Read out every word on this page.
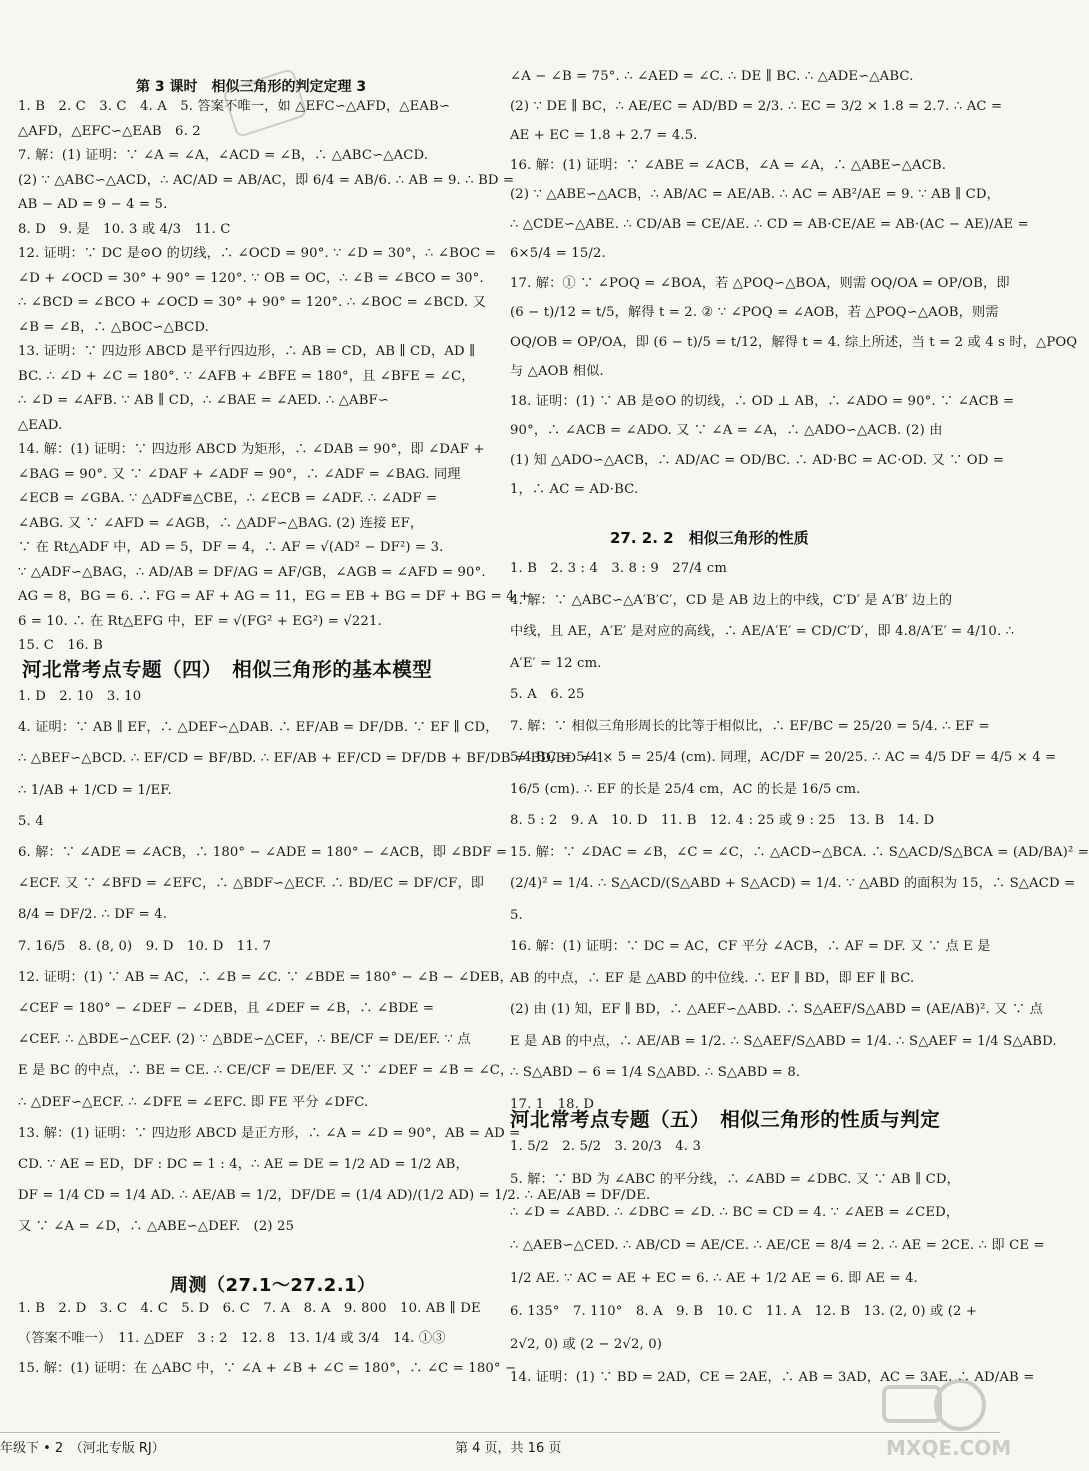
第 3 课时　相似三角形的判定定理 3
1. B　2. C　3. C　4. A　5. 答案不唯一，如 △EFC∽△AFD，△EAB∽
△AFD，△EFC∽△EAB　6. 2
7. 解：(1) 证明：∵ ∠A = ∠A，∠ACD = ∠B，∴ △ABC∽△ACD.
(2) ∵ △ABC∽△ACD，∴ AC/AD = AB/AC，即 6/4 = AB/6. ∴ AB = 9. ∴ BD =
AB − AD = 9 − 4 = 5.
8. D　9. 是　10. 3 或 4/3　11. C
12. 证明：∵ DC 是⊙O 的切线，∴ ∠OCD = 90°. ∵ ∠D = 30°，∴ ∠BOC =
∠D + ∠OCD = 30° + 90° = 120°. ∵ OB = OC，∴ ∠B = ∠BCO = 30°.
∴ ∠BCD = ∠BCO + ∠OCD = 30° + 90° = 120°. ∴ ∠BOC = ∠BCD. 又
∠B = ∠B，∴ △BOC∽△BCD.
13. 证明：∵ 四边形 ABCD 是平行四边形，∴ AB = CD，AB ∥ CD，AD ∥
BC. ∴ ∠D + ∠C = 180°. ∵ ∠AFB + ∠BFE = 180°，且 ∠BFE = ∠C，
∴ ∠D = ∠AFB. ∵ AB ∥ CD，∴ ∠BAE = ∠AED. ∴ △ABF∽
△EAD.
14. 解：(1) 证明：∵ 四边形 ABCD 为矩形，∴ ∠DAB = 90°，即 ∠DAF +
∠BAG = 90°. 又 ∵ ∠DAF + ∠ADF = 90°，∴ ∠ADF = ∠BAG. 同理
∠ECB = ∠GBA. ∵ △ADF≌△CBE，∴ ∠ECB = ∠ADF. ∴ ∠ADF =
∠ABG. 又 ∵ ∠AFD = ∠AGB，∴ △ADF∽△BAG. (2) 连接 EF，
∵ 在 Rt△ADF 中，AD = 5，DF = 4，∴ AF = √(AD² − DF²) = 3.
∵ △ADF∽△BAG，∴ AD/AB = DF/AG = AF/GB，∠AGB = ∠AFD = 90°.
AG = 8，BG = 6. ∴ FG = AF + AG = 11，EG = EB + BG = DF + BG = 4 +
6 = 10. ∴ 在 Rt△EFG 中，EF = √(FG² + EG²) = √221.
15. C　16. B
河北常考点专题（四）　相似三角形的基本模型
1. D　2. 10　3. 10
4. 证明：∵ AB ∥ EF，∴ △DEF∽△DAB. ∴ EF/AB = DF/DB. ∵ EF ∥ CD，
∴ △BEF∽△BCD. ∴ EF/CD = BF/BD. ∴ EF/AB + EF/CD = DF/DB + BF/DB = BD/BD = 1.
∴ 1/AB + 1/CD = 1/EF.
5. 4
6. 解：∵ ∠ADE = ∠ACB，∴ 180° − ∠ADE = 180° − ∠ACB，即 ∠BDF =
∠ECF. 又 ∵ ∠BFD = ∠EFC，∴ △BDF∽△ECF. ∴ BD/EC = DF/CF，即
8/4 = DF/2. ∴ DF = 4.
7. 16/5　8. (8, 0)　9. D　10. D　11. 7
12. 证明：(1) ∵ AB = AC，∴ ∠B = ∠C. ∵ ∠BDE = 180° − ∠B − ∠DEB，
∠CEF = 180° − ∠DEF − ∠DEB，且 ∠DEF = ∠B，∴ ∠BDE =
∠CEF. ∴ △BDE∽△CEF. (2) ∵ △BDE∽△CEF，∴ BE/CF = DE/EF. ∵ 点
E 是 BC 的中点，∴ BE = CE. ∴ CE/CF = DE/EF. 又 ∵ ∠DEF = ∠B = ∠C，
∴ △DEF∽△ECF. ∴ ∠DFE = ∠EFC. 即 FE 平分 ∠DFC.
13. 解：(1) 证明：∵ 四边形 ABCD 是正方形，∴ ∠A = ∠D = 90°，AB = AD =
CD. ∵ AE = ED，DF : DC = 1 : 4，∴ AE = DE = 1/2 AD = 1/2 AB，
DF = 1/4 CD = 1/4 AD. ∴ AE/AB = 1/2，DF/DE = (1/4 AD)/(1/2 AD) = 1/2. ∴ AE/AB = DF/DE.
又 ∵ ∠A = ∠D，∴ △ABE∽△DEF.　(2) 25
周测（27.1～27.2.1）
1. B　2. D　3. C　4. C　5. D　6. C　7. A　8. A　9. 800　10. AB ∥ DE
（答案不唯一）　11. △DEF　3 : 2　12. 8　13. 1/4 或 3/4　14. ①③
15. 解：(1) 证明：在 △ABC 中，∵ ∠A + ∠B + ∠C = 180°，∴ ∠C = 180° −
∠A − ∠B = 75°. ∴ ∠AED = ∠C. ∴ DE ∥ BC. ∴ △ADE∽△ABC.
(2) ∵ DE ∥ BC，∴ AE/EC = AD/BD = 2/3. ∴ EC = 3/2 × 1.8 = 2.7. ∴ AC =
AE + EC = 1.8 + 2.7 = 4.5.
16. 解：(1) 证明：∵ ∠ABE = ∠ACB，∠A = ∠A，∴ △ABE∽△ACB.
(2) ∵ △ABE∽△ACB，∴ AB/AC = AE/AB. ∴ AC = AB²/AE = 9. ∵ AB ∥ CD，
∴ △CDE∽△ABE. ∴ CD/AB = CE/AE. ∴ CD = AB·CE/AE = AB·(AC − AE)/AE =
6×5/4 = 15/2.
17. 解：① ∵ ∠POQ = ∠BOA，若 △POQ∽△BOA，则需 OQ/OA = OP/OB，即
(6 − t)/12 = t/5，解得 t = 2. ② ∵ ∠POQ = ∠AOB，若 △POQ∽△AOB，则需
OQ/OB = OP/OA，即 (6 − t)/5 = t/12，解得 t = 4. 综上所述，当 t = 2 或 4 s 时，△POQ
与 △AOB 相似.
18. 证明：(1) ∵ AB 是⊙O 的切线，∴ OD ⊥ AB，∴ ∠ADO = 90°. ∵ ∠ACB =
90°，∴ ∠ACB = ∠ADO. 又 ∵ ∠A = ∠A，∴ △ADO∽△ACB. (2) 由
(1) 知 △ADO∽△ACB，∴ AD/AC = OD/BC. ∴ AD·BC = AC·OD. 又 ∵ OD =
1，∴ AC = AD·BC.
27. 2. 2　相似三角形的性质
1. B　2. 3 : 4　3. 8 : 9　27/4 cm
4. 解：∵ △ABC∽△A′B′C′，CD 是 AB 边上的中线，C′D′ 是 A′B′ 边上的
中线，且 AE，A′E′ 是对应的高线，∴ AE/A′E′ = CD/C′D′，即 4.8/A′E′ = 4/10. ∴
A′E′ = 12 cm.
5. A　6. 25
7. 解：∵ 相似三角形周长的比等于相似比，∴ EF/BC = 25/20 = 5/4. ∴ EF =
5/4 BC = 5/4 × 5 = 25/4 (cm). 同理，AC/DF = 20/25. ∴ AC = 4/5 DF = 4/5 × 4 =
16/5 (cm). ∴ EF 的长是 25/4 cm，AC 的长是 16/5 cm.
8. 5 : 2　9. A　10. D　11. B　12. 4 : 25 或 9 : 25　13. B　14. D
15. 解：∵ ∠DAC = ∠B，∠C = ∠C，∴ △ACD∽△BCA. ∴ S△ACD/S△BCA = (AD/BA)² =
(2/4)² = 1/4. ∴ S△ACD/(S△ABD + S△ACD) = 1/4. ∵ △ABD 的面积为 15，∴ S△ACD =
5.
16. 解：(1) 证明：∵ DC = AC，CF 平分 ∠ACB，∴ AF = DF. 又 ∵ 点 E 是
AB 的中点，∴ EF 是 △ABD 的中位线. ∴ EF ∥ BD，即 EF ∥ BC.
(2) 由 (1) 知，EF ∥ BD，∴ △AEF∽△ABD. ∴ S△AEF/S△ABD = (AE/AB)². 又 ∵ 点
E 是 AB 的中点，∴ AE/AB = 1/2. ∴ S△AEF/S△ABD = 1/4. ∴ S△AEF = 1/4 S△ABD.
∴ S△ABD − 6 = 1/4 S△ABD. ∴ S△ABD = 8.
17. 1　18. D
河北常考点专题（五）　相似三角形的性质与判定
1. 5/2　2. 5/2　3. 20/3　4. 3
5. 解：∵ BD 为 ∠ABC 的平分线，∴ ∠ABD = ∠DBC. 又 ∵ AB ∥ CD，
∴ ∠D = ∠ABD. ∴ ∠DBC = ∠D. ∴ BC = CD = 4. ∵ ∠AEB = ∠CED，
∴ △AEB∽△CED. ∴ AB/CD = AE/CE. ∴ AE/CE = 8/4 = 2. ∴ AE = 2CE. ∴ 即 CE =
1/2 AE. ∵ AC = AE + EC = 6. ∴ AE + 1/2 AE = 6. 即 AE = 4.
6. 135°　7. 110°　8. A　9. B　10. C　11. A　12. B　13. (2, 0) 或 (2 +
2√2, 0) 或 (2 − 2√2, 0)
14. 证明：(1) ∵ BD = 2AD，CE = 2AE，∴ AB = 3AD，AC = 3AE. ∴ AD/AB =
年级下 • 2　（河北专版 RJ）	第 4 页，共 16 页	MXQE.COM
